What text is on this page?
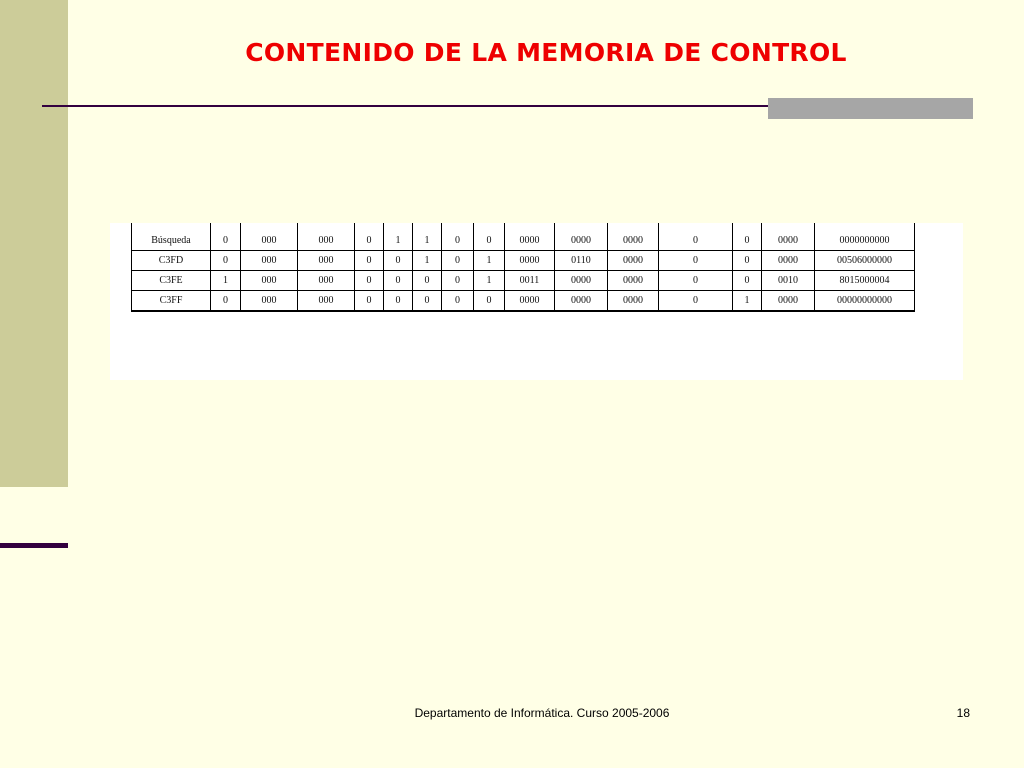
CONTENIDO DE LA MEMORIA DE CONTROL
Búsqueda	0	000	000	0	1	1	0	0	0000	0000	0000	0	0	0000	0000000000
C3FD	0	000	000	0	0	1	0	1	0000	0110	0000	0	0	0000	00506000000
C3FE	1	000	000	0	0	0	0	1	0011	0000	0000	0	0	0010	8015000004
C3FF	0	000	000	0	0	0	0	0	0000	0000	0000	0	1	0000	00000000000
Departamento de Informática. Curso 2005-2006	18
